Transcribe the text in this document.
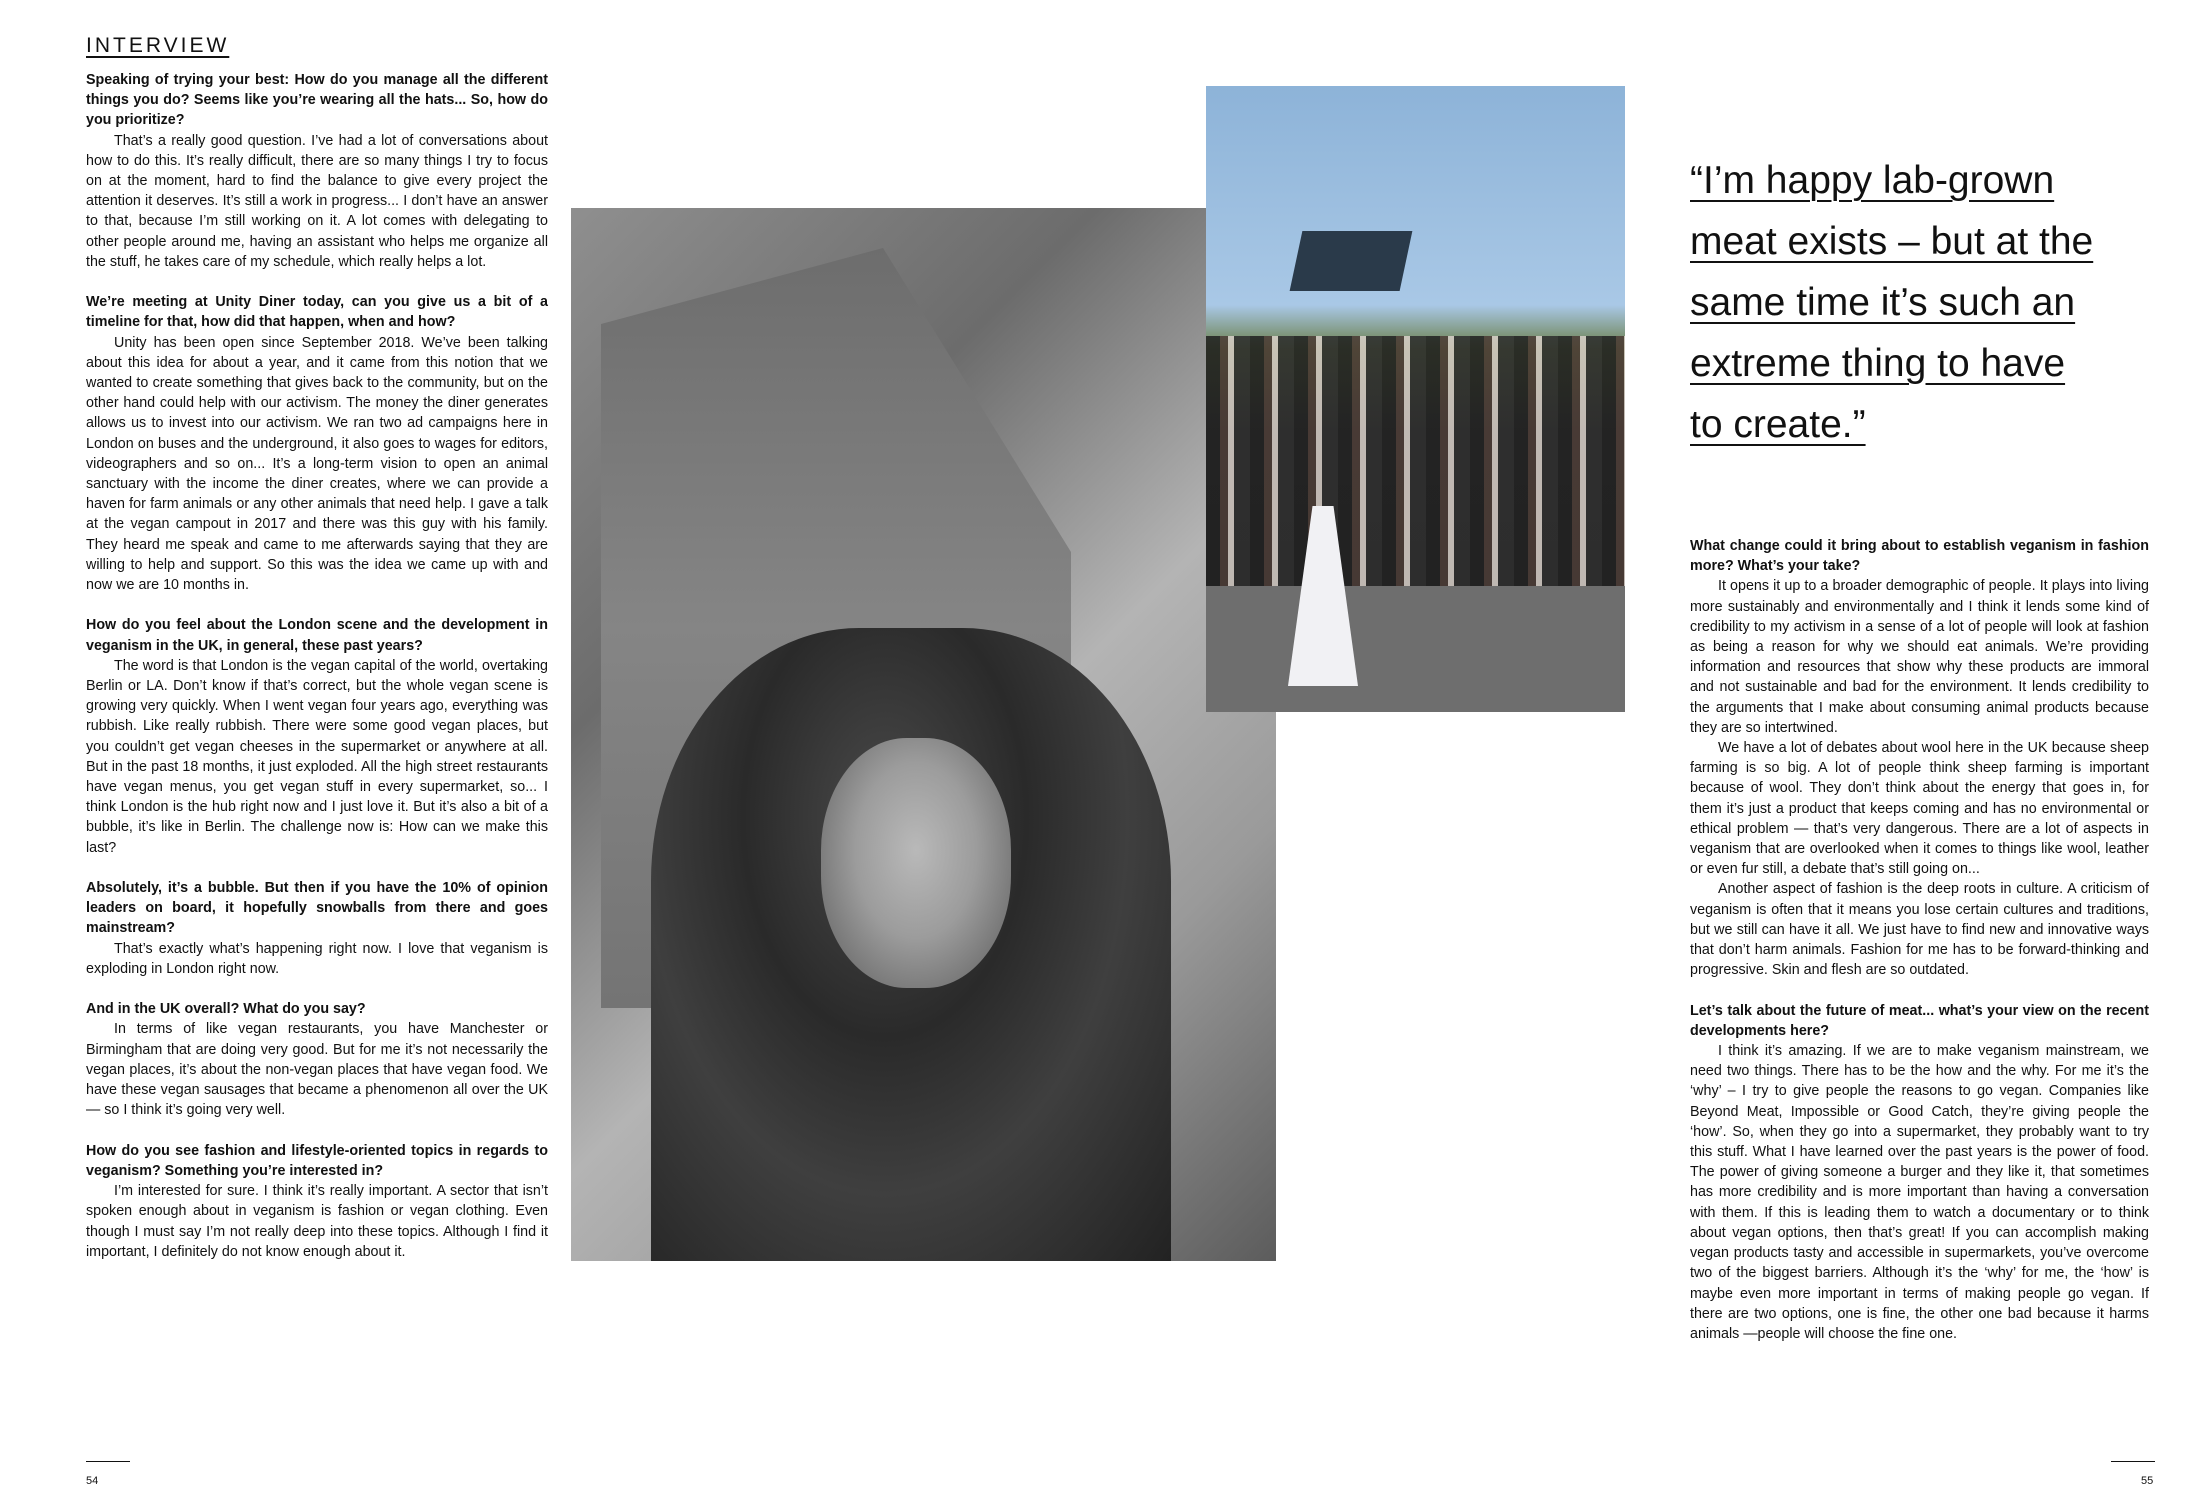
INTERVIEW
Speaking of trying your best: How do you manage all the different things you do? Seems like you’re wearing all the hats... So, how do you prioritize?
That’s a really good question. I’ve had a lot of conversations about how to do this. It’s really difficult, there are so many things I try to focus on at the moment, hard to find the balance to give every project the attention it deserves. It’s still a work in progress... I don’t have an answer to that, because I’m still working on it. A lot comes with delegating to other people around me, having an assistant who helps me organize all the stuff, he takes care of my schedule, which really helps a lot.
We’re meeting at Unity Diner today, can you give us a bit of a timeline for that, how did that happen, when and how?
Unity has been open since September 2018. We’ve been talking about this idea for about a year, and it came from this notion that we wanted to create something that gives back to the community, but on the other hand could help with our activism. The money the diner generates allows us to invest into our activism. We ran two ad campaigns here in London on buses and the underground, it also goes to wages for editors, videographers and so on... It’s a long-term vision to open an animal sanctuary with the income the diner creates, where we can provide a haven for farm animals or any other animals that need help. I gave a talk at the vegan campout in 2017 and there was this guy with his family. They heard me speak and came to me afterwards saying that they are willing to help and support. So this was the idea we came up with and now we are 10 months in.
How do you feel about the London scene and the development in veganism in the UK, in general, these past years?
The word is that London is the vegan capital of the world, overtaking Berlin or LA. Don’t know if that’s correct, but the whole vegan scene is growing very quickly. When I went vegan four years ago, everything was rubbish. Like really rubbish. There were some good vegan places, but you couldn’t get vegan cheeses in the supermarket or anywhere at all. But in the past 18 months, it just exploded. All the high street restaurants have vegan menus, you get vegan stuff in every supermarket, so... I think London is the hub right now and I just love it. But it’s also a bit of a bubble, it’s like in Berlin. The challenge now is: How can we make this last?
Absolutely, it’s a bubble. But then if you have the 10% of opinion leaders on board, it hopefully snowballs from there and goes mainstream?
That’s exactly what’s happening right now. I love that veganism is exploding in London right now.
And in the UK overall? What do you say?
In terms of like vegan restaurants, you have Manchester or Birmingham that are doing very good. But for me it’s not necessarily the vegan places, it’s about the non-vegan places that have vegan food. We have these vegan sausages that became a phenomenon all over the UK — so I think it’s going very well.
How do you see fashion and lifestyle-oriented topics in regards to veganism? Something you’re interested in?
I’m interested for sure. I think it’s really important. A sector that isn’t spoken enough about in veganism is fashion or vegan clothing. Even though I must say I’m not really deep into these topics. Although I find it important, I definitely do not know enough about it.
54
“I’m happy lab-grown
meat exists – but at the
same time it’s such an
extreme thing to have
to create.”
What change could it bring about to establish veganism in fashion more? What’s your take?
It opens it up to a broader demographic of people. It plays into living more sustainably and environmentally and I think it lends some kind of credibility to my activism in a sense of a lot of people will look at fashion as being a reason for why we should eat animals. We’re providing information and resources that show why these products are immoral and not sustainable and bad for the environment. It lends credibility to the arguments that I make about consuming animal products because they are so intertwined.
We have a lot of debates about wool here in the UK because sheep farming is so big. A lot of people think sheep farming is important because of wool. They don’t think about the energy that goes in, for them it’s just a product that keeps coming and has no environmental or ethical problem — that’s very dangerous. There are a lot of aspects in veganism that are overlooked when it comes to things like wool, leather or even fur still, a debate that’s still going on...
Another aspect of fashion is the deep roots in culture. A criticism of veganism is often that it means you lose certain cultures and traditions, but we still can have it all. We just have to find new and innovative ways that don’t harm animals. Fashion for me has to be forward-thinking and progressive. Skin and flesh are so outdated.
Let’s talk about the future of meat... what’s your view on the recent developments here?
I think it’s amazing. If we are to make veganism mainstream, we need two things. There has to be the how and the why. For me it’s the ‘why’ – I try to give people the reasons to go vegan. Companies like Beyond Meat, Impossible or Good Catch, they’re giving people the ‘how’. So, when they go into a supermarket, they probably want to try this stuff. What I have learned over the past years is the power of food. The power of giving someone a burger and they like it, that sometimes has more credibility and is more important than having a conversation with them. If this is leading them to watch a documentary or to think about vegan options, then that’s great! If you can accomplish making vegan products tasty and accessible in supermarkets, you’ve overcome two of the biggest barriers. Although it’s the ‘why’ for me, the ‘how’ is maybe even more important in terms of making people go vegan. If there are two options, one is fine, the other one bad because it harms animals —people will choose the fine one.
55
